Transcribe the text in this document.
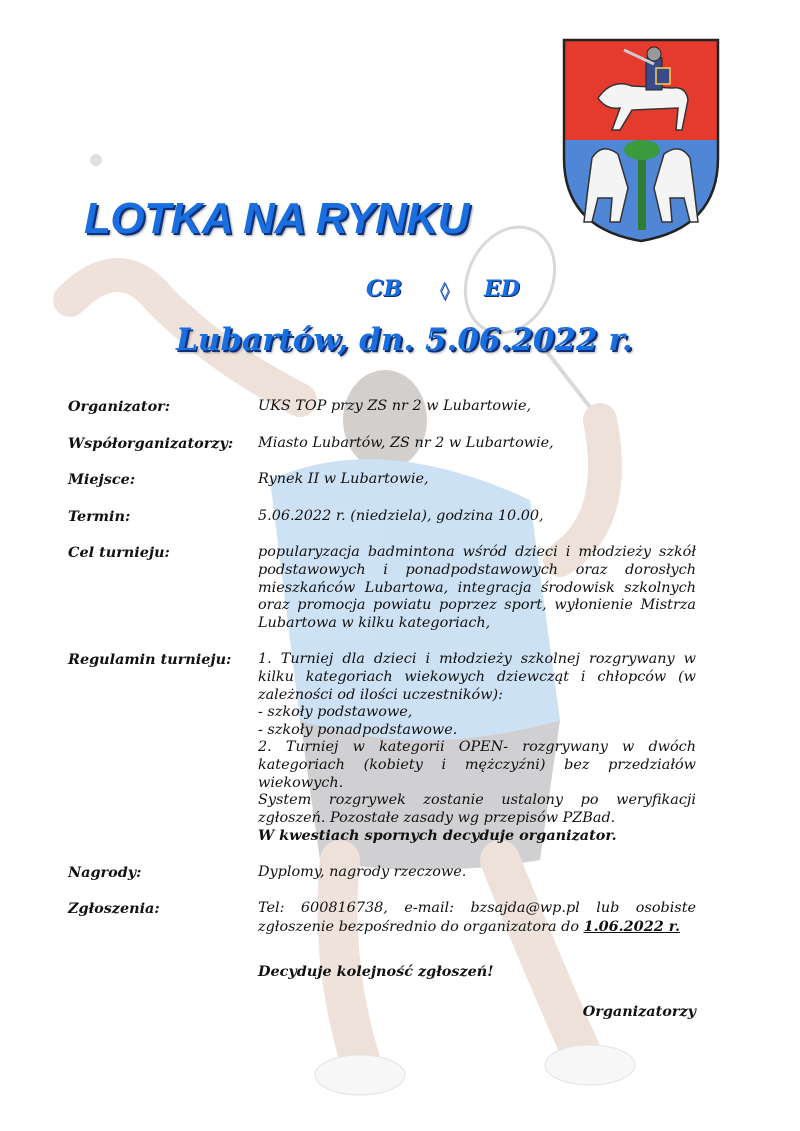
LOTKA NA RYNKU
CB ◊ ED
Lubartów, dn. 5.06.2022 r.
Organizator:	UKS TOP przy ZS nr 2 w Lubartowie,
Współorganizatorzy:	Miasto Lubartów, ZS nr 2 w Lubartowie,
Miejsce:	Rynek II w Lubartowie,
Termin:	5.06.2022 r. (niedziela), godzina 10.00,
Cel turnieju:	popularyzacja badmintona wśród dzieci i młodzieży szkół podstawowych i ponadpodstawowych oraz dorosłych mieszkańców Lubartowa, integracja środowisk szkolnych oraz promocja powiatu poprzez sport, wyłonienie Mistrza Lubartowa w kilku kategoriach,
Regulamin turnieju:	1. Turniej dla dzieci i młodzieży szkolnej rozgrywany w kilku kategoriach wiekowych dziewcząt i chłopców (w zależności od ilości uczestników):
- szkoły podstawowe,
- szkoły ponadpodstawowe.
2. Turniej w kategorii OPEN- rozgrywany w dwóch kategoriach (kobiety i mężczyźni) bez przedziałów wiekowych.
System rozgrywek zostanie ustalony po weryfikacji zgłoszeń. Pozostałe zasady wg przepisów PZBad.
W kwestiach spornych decyduje organizator.
Nagrody:	Dyplomy, nagrody rzeczowe.
Zgłoszenia:	Tel: 600816738, e-mail: bzsajda@wp.pl lub osobiste zgłoszenie bezpośrednio do organizatora do 1.06.2022 r.
Decyduje kolejność zgłoszeń!
Organizatorzy
